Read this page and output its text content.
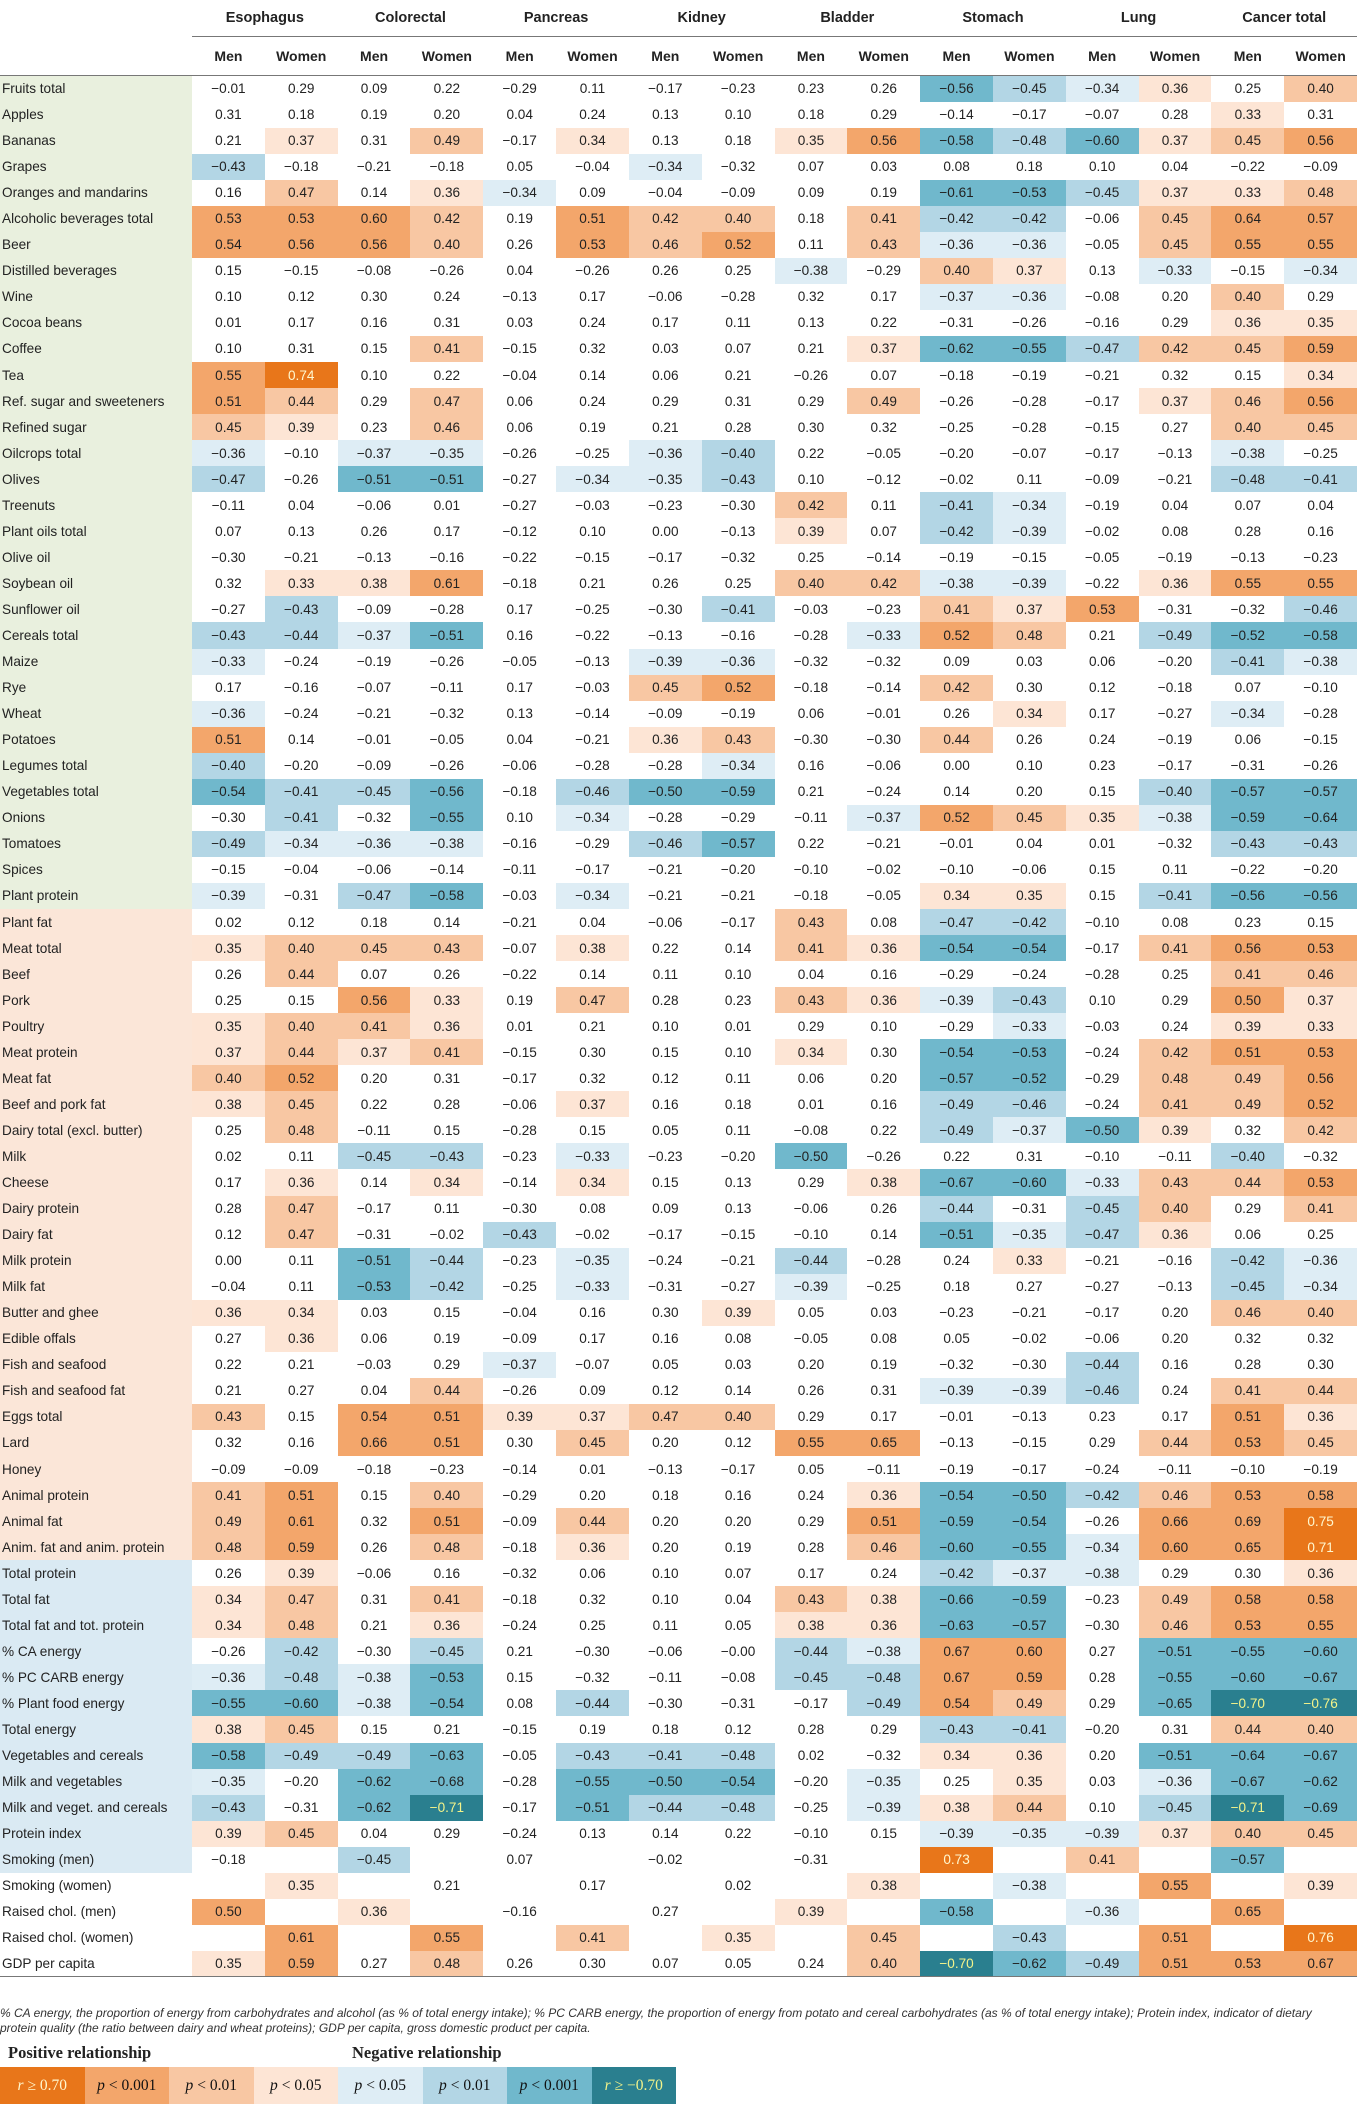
	Esophagus		Colorectal		Pancreas		Kidney		Bladder		Stomach		Lung		Cancer total	
	Men	Women	Men	Women	Men	Women	Men	Women	Men	Women	Men	Women	Men	Women	Men	Women
Fruits total	−0.01	0.29	0.09	0.22	−0.29	0.11	−0.17	−0.23	0.23	0.26	−0.56	−0.45	−0.34	0.36	0.25	0.40
Apples	0.31	0.18	0.19	0.20	0.04	0.24	0.13	0.10	0.18	0.29	−0.14	−0.17	−0.07	0.28	0.33	0.31
Bananas	0.21	0.37	0.31	0.49	−0.17	0.34	0.13	0.18	0.35	0.56	−0.58	−0.48	−0.60	0.37	0.45	0.56
Grapes	−0.43	−0.18	−0.21	−0.18	0.05	−0.04	−0.34	−0.32	0.07	0.03	0.08	0.18	0.10	0.04	−0.22	−0.09
Oranges and mandarins	0.16	0.47	0.14	0.36	−0.34	0.09	−0.04	−0.09	0.09	0.19	−0.61	−0.53	−0.45	0.37	0.33	0.48
Alcoholic beverages total	0.53	0.53	0.60	0.42	0.19	0.51	0.42	0.40	0.18	0.41	−0.42	−0.42	−0.06	0.45	0.64	0.57
Beer	0.54	0.56	0.56	0.40	0.26	0.53	0.46	0.52	0.11	0.43	−0.36	−0.36	−0.05	0.45	0.55	0.55
Distilled beverages	0.15	−0.15	−0.08	−0.26	0.04	−0.26	0.26	0.25	−0.38	−0.29	0.40	0.37	0.13	−0.33	−0.15	−0.34
Wine	0.10	0.12	0.30	0.24	−0.13	0.17	−0.06	−0.28	0.32	0.17	−0.37	−0.36	−0.08	0.20	0.40	0.29
Cocoa beans	0.01	0.17	0.16	0.31	0.03	0.24	0.17	0.11	0.13	0.22	−0.31	−0.26	−0.16	0.29	0.36	0.35
Coffee	0.10	0.31	0.15	0.41	−0.15	0.32	0.03	0.07	0.21	0.37	−0.62	−0.55	−0.47	0.42	0.45	0.59
Tea	0.55	0.74	0.10	0.22	−0.04	0.14	0.06	0.21	−0.26	0.07	−0.18	−0.19	−0.21	0.32	0.15	0.34
Ref. sugar and sweeteners	0.51	0.44	0.29	0.47	0.06	0.24	0.29	0.31	0.29	0.49	−0.26	−0.28	−0.17	0.37	0.46	0.56
Refined sugar	0.45	0.39	0.23	0.46	0.06	0.19	0.21	0.28	0.30	0.32	−0.25	−0.28	−0.15	0.27	0.40	0.45
Oilcrops total	−0.36	−0.10	−0.37	−0.35	−0.26	−0.25	−0.36	−0.40	0.22	−0.05	−0.20	−0.07	−0.17	−0.13	−0.38	−0.25
Olives	−0.47	−0.26	−0.51	−0.51	−0.27	−0.34	−0.35	−0.43	0.10	−0.12	−0.02	0.11	−0.09	−0.21	−0.48	−0.41
Treenuts	−0.11	0.04	−0.06	0.01	−0.27	−0.03	−0.23	−0.30	0.42	0.11	−0.41	−0.34	−0.19	0.04	0.07	0.04
Plant oils total	0.07	0.13	0.26	0.17	−0.12	0.10	0.00	−0.13	0.39	0.07	−0.42	−0.39	−0.02	0.08	0.28	0.16
Olive oil	−0.30	−0.21	−0.13	−0.16	−0.22	−0.15	−0.17	−0.32	0.25	−0.14	−0.19	−0.15	−0.05	−0.19	−0.13	−0.23
Soybean oil	0.32	0.33	0.38	0.61	−0.18	0.21	0.26	0.25	0.40	0.42	−0.38	−0.39	−0.22	0.36	0.55	0.55
Sunflower oil	−0.27	−0.43	−0.09	−0.28	0.17	−0.25	−0.30	−0.41	−0.03	−0.23	0.41	0.37	0.53	−0.31	−0.32	−0.46
Cereals total	−0.43	−0.44	−0.37	−0.51	0.16	−0.22	−0.13	−0.16	−0.28	−0.33	0.52	0.48	0.21	−0.49	−0.52	−0.58
Maize	−0.33	−0.24	−0.19	−0.26	−0.05	−0.13	−0.39	−0.36	−0.32	−0.32	0.09	0.03	0.06	−0.20	−0.41	−0.38
Rye	0.17	−0.16	−0.07	−0.11	0.17	−0.03	0.45	0.52	−0.18	−0.14	0.42	0.30	0.12	−0.18	0.07	−0.10
Wheat	−0.36	−0.24	−0.21	−0.32	0.13	−0.14	−0.09	−0.19	0.06	−0.01	0.26	0.34	0.17	−0.27	−0.34	−0.28
Potatoes	0.51	0.14	−0.01	−0.05	0.04	−0.21	0.36	0.43	−0.30	−0.30	0.44	0.26	0.24	−0.19	0.06	−0.15
Legumes total	−0.40	−0.20	−0.09	−0.26	−0.06	−0.28	−0.28	−0.34	0.16	−0.06	0.00	0.10	0.23	−0.17	−0.31	−0.26
Vegetables total	−0.54	−0.41	−0.45	−0.56	−0.18	−0.46	−0.50	−0.59	0.21	−0.24	0.14	0.20	0.15	−0.40	−0.57	−0.57
Onions	−0.30	−0.41	−0.32	−0.55	0.10	−0.34	−0.28	−0.29	−0.11	−0.37	0.52	0.45	0.35	−0.38	−0.59	−0.64
Tomatoes	−0.49	−0.34	−0.36	−0.38	−0.16	−0.29	−0.46	−0.57	0.22	−0.21	−0.01	0.04	0.01	−0.32	−0.43	−0.43
Spices	−0.15	−0.04	−0.06	−0.14	−0.11	−0.17	−0.21	−0.20	−0.10	−0.02	−0.10	−0.06	0.15	0.11	−0.22	−0.20
Plant protein	−0.39	−0.31	−0.47	−0.58	−0.03	−0.34	−0.21	−0.21	−0.18	−0.05	0.34	0.35	0.15	−0.41	−0.56	−0.56
Plant fat	0.02	0.12	0.18	0.14	−0.21	0.04	−0.06	−0.17	0.43	0.08	−0.47	−0.42	−0.10	0.08	0.23	0.15
Meat total	0.35	0.40	0.45	0.43	−0.07	0.38	0.22	0.14	0.41	0.36	−0.54	−0.54	−0.17	0.41	0.56	0.53
Beef	0.26	0.44	0.07	0.26	−0.22	0.14	0.11	0.10	0.04	0.16	−0.29	−0.24	−0.28	0.25	0.41	0.46
Pork	0.25	0.15	0.56	0.33	0.19	0.47	0.28	0.23	0.43	0.36	−0.39	−0.43	0.10	0.29	0.50	0.37
Poultry	0.35	0.40	0.41	0.36	0.01	0.21	0.10	0.01	0.29	0.10	−0.29	−0.33	−0.03	0.24	0.39	0.33
Meat protein	0.37	0.44	0.37	0.41	−0.15	0.30	0.15	0.10	0.34	0.30	−0.54	−0.53	−0.24	0.42	0.51	0.53
Meat fat	0.40	0.52	0.20	0.31	−0.17	0.32	0.12	0.11	0.06	0.20	−0.57	−0.52	−0.29	0.48	0.49	0.56
Beef and pork fat	0.38	0.45	0.22	0.28	−0.06	0.37	0.16	0.18	0.01	0.16	−0.49	−0.46	−0.24	0.41	0.49	0.52
Dairy total (excl. butter)	0.25	0.48	−0.11	0.15	−0.28	0.15	0.05	0.11	−0.08	0.22	−0.49	−0.37	−0.50	0.39	0.32	0.42
Milk	0.02	0.11	−0.45	−0.43	−0.23	−0.33	−0.23	−0.20	−0.50	−0.26	0.22	0.31	−0.10	−0.11	−0.40	−0.32
Cheese	0.17	0.36	0.14	0.34	−0.14	0.34	0.15	0.13	0.29	0.38	−0.67	−0.60	−0.33	0.43	0.44	0.53
Dairy protein	0.28	0.47	−0.17	0.11	−0.30	0.08	0.09	0.13	−0.06	0.26	−0.44	−0.31	−0.45	0.40	0.29	0.41
Dairy fat	0.12	0.47	−0.31	−0.02	−0.43	−0.02	−0.17	−0.15	−0.10	0.14	−0.51	−0.35	−0.47	0.36	0.06	0.25
Milk protein	0.00	0.11	−0.51	−0.44	−0.23	−0.35	−0.24	−0.21	−0.44	−0.28	0.24	0.33	−0.21	−0.16	−0.42	−0.36
Milk fat	−0.04	0.11	−0.53	−0.42	−0.25	−0.33	−0.31	−0.27	−0.39	−0.25	0.18	0.27	−0.27	−0.13	−0.45	−0.34
Butter and ghee	0.36	0.34	0.03	0.15	−0.04	0.16	0.30	0.39	0.05	0.03	−0.23	−0.21	−0.17	0.20	0.46	0.40
Edible offals	0.27	0.36	0.06	0.19	−0.09	0.17	0.16	0.08	−0.05	0.08	0.05	−0.02	−0.06	0.20	0.32	0.32
Fish and seafood	0.22	0.21	−0.03	0.29	−0.37	−0.07	0.05	0.03	0.20	0.19	−0.32	−0.30	−0.44	0.16	0.28	0.30
Fish and seafood fat	0.21	0.27	0.04	0.44	−0.26	0.09	0.12	0.14	0.26	0.31	−0.39	−0.39	−0.46	0.24	0.41	0.44
Eggs total	0.43	0.15	0.54	0.51	0.39	0.37	0.47	0.40	0.29	0.17	−0.01	−0.13	0.23	0.17	0.51	0.36
Lard	0.32	0.16	0.66	0.51	0.30	0.45	0.20	0.12	0.55	0.65	−0.13	−0.15	0.29	0.44	0.53	0.45
Honey	−0.09	−0.09	−0.18	−0.23	−0.14	0.01	−0.13	−0.17	0.05	−0.11	−0.19	−0.17	−0.24	−0.11	−0.10	−0.19
Animal protein	0.41	0.51	0.15	0.40	−0.29	0.20	0.18	0.16	0.24	0.36	−0.54	−0.50	−0.42	0.46	0.53	0.58
Animal fat	0.49	0.61	0.32	0.51	−0.09	0.44	0.20	0.20	0.29	0.51	−0.59	−0.54	−0.26	0.66	0.69	0.75
Anim. fat and anim. protein	0.48	0.59	0.26	0.48	−0.18	0.36	0.20	0.19	0.28	0.46	−0.60	−0.55	−0.34	0.60	0.65	0.71
Total protein	0.26	0.39	−0.06	0.16	−0.32	0.06	0.10	0.07	0.17	0.24	−0.42	−0.37	−0.38	0.29	0.30	0.36
Total fat	0.34	0.47	0.31	0.41	−0.18	0.32	0.10	0.04	0.43	0.38	−0.66	−0.59	−0.23	0.49	0.58	0.58
Total fat and tot. protein	0.34	0.48	0.21	0.36	−0.24	0.25	0.11	0.05	0.38	0.36	−0.63	−0.57	−0.30	0.46	0.53	0.55
% CA energy	−0.26	−0.42	−0.30	−0.45	0.21	−0.30	−0.06	−0.00	−0.44	−0.38	0.67	0.60	0.27	−0.51	−0.55	−0.60
% PC CARB energy	−0.36	−0.48	−0.38	−0.53	0.15	−0.32	−0.11	−0.08	−0.45	−0.48	0.67	0.59	0.28	−0.55	−0.60	−0.67
% Plant food energy	−0.55	−0.60	−0.38	−0.54	0.08	−0.44	−0.30	−0.31	−0.17	−0.49	0.54	0.49	0.29	−0.65	−0.70	−0.76
Total energy	0.38	0.45	0.15	0.21	−0.15	0.19	0.18	0.12	0.28	0.29	−0.43	−0.41	−0.20	0.31	0.44	0.40
Vegetables and cereals	−0.58	−0.49	−0.49	−0.63	−0.05	−0.43	−0.41	−0.48	0.02	−0.32	0.34	0.36	0.20	−0.51	−0.64	−0.67
Milk and vegetables	−0.35	−0.20	−0.62	−0.68	−0.28	−0.55	−0.50	−0.54	−0.20	−0.35	0.25	0.35	0.03	−0.36	−0.67	−0.62
Milk and veget. and cereals	−0.43	−0.31	−0.62	−0.71	−0.17	−0.51	−0.44	−0.48	−0.25	−0.39	0.38	0.44	0.10	−0.45	−0.71	−0.69
Protein index	0.39	0.45	0.04	0.29	−0.24	0.13	0.14	0.22	−0.10	0.15	−0.39	−0.35	−0.39	0.37	0.40	0.45
Smoking (men)	−0.18		−0.45		0.07		−0.02		−0.31		0.73		0.41		−0.57	
Smoking (women)		0.35		0.21		0.17		0.02		0.38		−0.38		0.55		0.39
Raised chol. (men)	0.50		0.36		−0.16		0.27		0.39		−0.58		−0.36		0.65	
Raised chol. (women)		0.61		0.55		0.41		0.35		0.45		−0.43		0.51		0.76
GDP per capita	0.35	0.59	0.27	0.48	0.26	0.30	0.07	0.05	0.24	0.40	−0.70	−0.62	−0.49	0.51	0.53	0.67
% CA energy, the proportion of energy from carbohydrates and alcohol (as % of total energy intake); % PC CARB energy, the proportion of energy from potato and cereal carbohydrates (as % of total energy intake); Protein index, indicator of dietary protein quality (the ratio between dairy and wheat proteins); GDP per capita, gross domestic product per capita.
Positive relationship	Negative relationship
r ≥ 0.70 p < 0.001 p < 0.01 p < 0.05 p < 0.05 p < 0.01 p < 0.001 r ≥ −0.70
